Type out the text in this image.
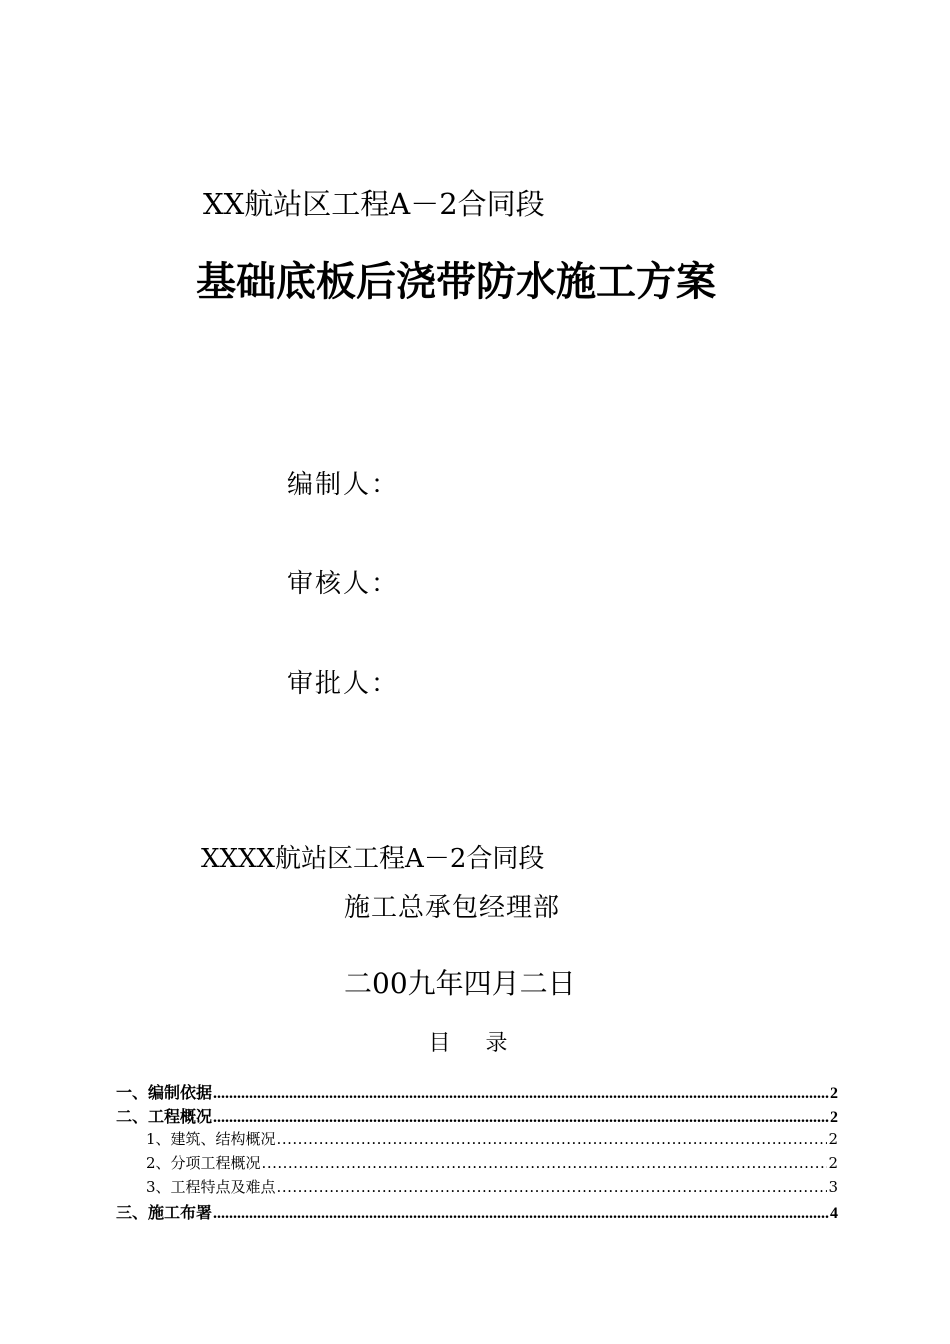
XX航站区工程A－2合同段
基础底板后浇带防水施工方案
编制人：
审核人：
审批人：
XXXX航站区工程A－2合同段
施工总承包经理部
二00九年四月二日
目 录
一、编制依据 .....	2
二、工程概况 .....	2
1、建筑、结构概况 .....	2
2、分项工程概况 .....	2
3、工程特点及难点 .....	3
三、施工布署 .....	4
